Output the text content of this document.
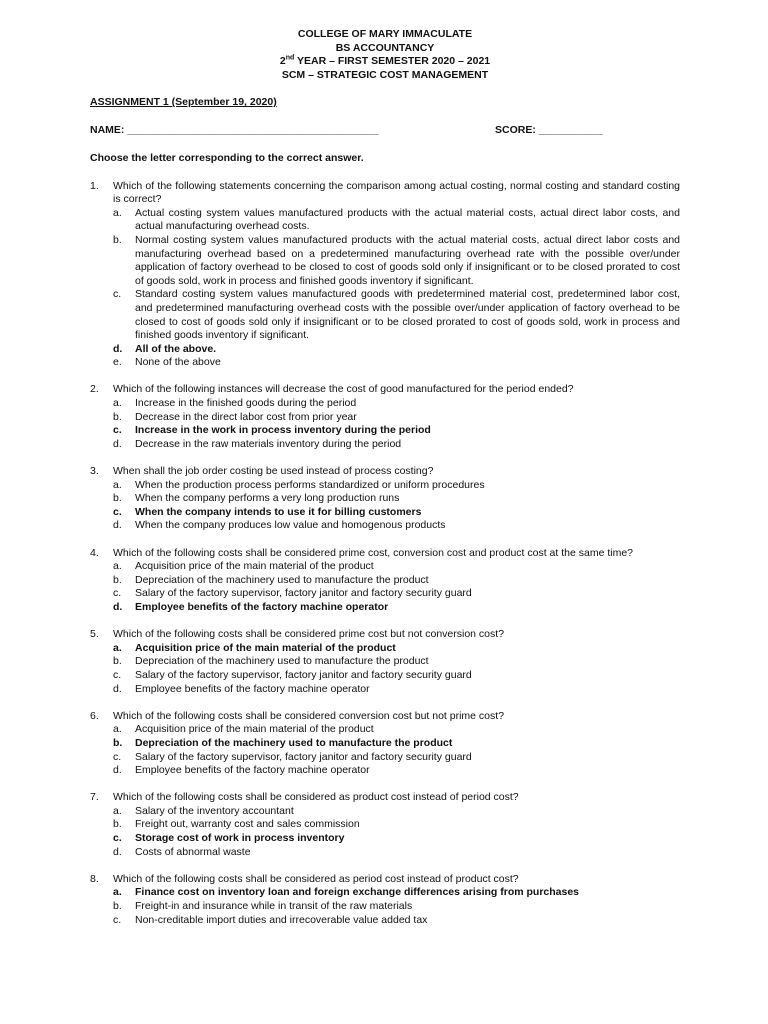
COLLEGE OF MARY IMMACULATE
BS ACCOUNTANCY
2nd YEAR – FIRST SEMESTER 2020 – 2021
SCM – STRATEGIC COST MANAGEMENT
ASSIGNMENT 1 (September 19, 2020)
NAME: ___________________________________________	SCORE: ___________
Choose the letter corresponding to the correct answer.
1.	Which of the following statements concerning the comparison among actual costing, normal costing and standard costing is correct?
a.	Actual costing system values manufactured products with the actual material costs, actual direct labor costs, and actual manufacturing overhead costs.
b.	Normal costing system values manufactured products with the actual material costs, actual direct labor costs and manufacturing overhead based on a predetermined manufacturing overhead rate with the possible over/under application of factory overhead to be closed to cost of goods sold only if insignificant or to be closed prorated to cost of goods sold, work in process and finished goods inventory if significant.
c.	Standard costing system values manufactured goods with predetermined material cost, predetermined labor cost, and predetermined manufacturing overhead costs with the possible over/under application of factory overhead to be closed to cost of goods sold only if insignificant or to be closed prorated to cost of goods sold, work in process and finished goods inventory if significant.
d.	All of the above.
e.	None of the above
2.	Which of the following instances will decrease the cost of good manufactured for the period ended?
a.	Increase in the finished goods during the period
b.	Decrease in the direct labor cost from prior year
c.	Increase in the work in process inventory during the period
d.	Decrease in the raw materials inventory during the period
3.	When shall the job order costing be used instead of process costing?
a.	When the production process performs standardized or uniform procedures
b.	When the company performs a very long production runs
c.	When the company intends to use it for billing customers
d.	When the company produces low value and homogenous products
4.	Which of the following costs shall be considered prime cost, conversion cost and product cost at the same time?
a.	Acquisition price of the main material of the product
b.	Depreciation of the machinery used to manufacture the product
c.	Salary of the factory supervisor, factory janitor and factory security guard
d.	Employee benefits of the factory machine operator
5.	Which of the following costs shall be considered prime cost but not conversion cost?
a.	Acquisition price of the main material of the product
b.	Depreciation of the machinery used to manufacture the product
c.	Salary of the factory supervisor, factory janitor and factory security guard
d.	Employee benefits of the factory machine operator
6.	Which of the following costs shall be considered conversion cost but not prime cost?
a.	Acquisition price of the main material of the product
b.	Depreciation of the machinery used to manufacture the product
c.	Salary of the factory supervisor, factory janitor and factory security guard
d.	Employee benefits of the factory machine operator
7.	Which of the following costs shall be considered as product cost instead of period cost?
a.	Salary of the inventory accountant
b.	Freight out, warranty cost and sales commission
c.	Storage cost of work in process inventory
d.	Costs of abnormal waste
8.	Which of the following costs shall be considered as period cost instead of product cost?
a.	Finance cost on inventory loan and foreign exchange differences arising from purchases
b.	Freight-in and insurance while in transit of the raw materials
c.	Non-creditable import duties and irrecoverable value added tax
